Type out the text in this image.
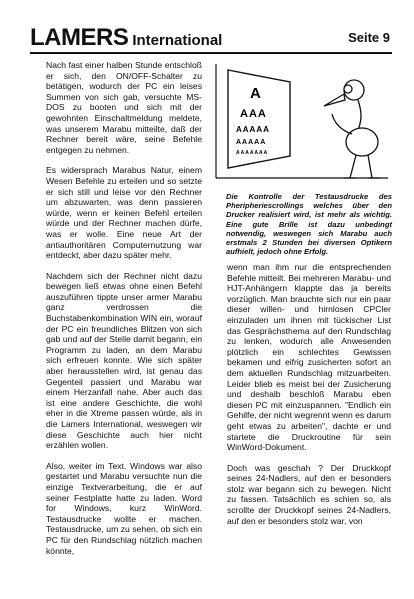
LAMERS International	Seite 9

Nach fast einer halben Stunde entschloß er sich, den ON/OFF-Schalter zu betätigen, wodurch der PC ein leises Summen von sich gab, versuchte MS-DOS zu booten und sich mit der gewohnten Einschaltmeldung meldete, was unserem Marabu mitteilte, daß der Rechner bereit wäre, seine Befehle entgegen zu nehmen.

Es widersprach Marabus Natur, einem Wesen Befehle zu erteilen und so setzte er sich still und leise vor den Rechner um abzuwarten, was denn passieren würde, wenn er keinen Befehl erteilen würde und der Rechner machen dürfe, was er wolle. Eine neue Art der antiauthoritären Computernutzung war entdeckt, aber dazu später mehr.

Nachdem sich der Rechner nicht dazu bewegen ließ etwas ohne einen Befehl auszuführen tippte unser armer Marabu ganz verdrossen die Buchstabenkombination WIN ein, worauf der PC ein freundliches Blitzen von sich gab und auf der Stelle damit begann, ein Programm zu laden, an dem Marabu sich erfreuen konnte. Wie sich später aber herausstellen wird, ist genau das Gegenteil passiert und Marabu war einem Herzanfall nahe. Aber auch das ist eine andere Geschichte, die wohl eher in die Xtreme passen würde, als in die Lamers International, weswegen wir diese Geschichte auch hier nicht erzählen wollen.

Also, weiter im Text. Windows war also gestartet und Marabu versuchte nun die einzige Textverarbeitung, die er auf seiner Festplatte hatte zu laden. Word for Windows, kurz WinWord. Testausdrucke wollte er machen. Testausdrucke, um zu sehen, ob sich ein PC für den Rundschlag nützlich machen könnte,

A
AAA
AAAAA
AAAAA
AAAAAAA
Die Kontrolle der Testausdrucke des Pheripheriescrollings welches über den Drucker realisiert wird, ist mehr als wichtig. Eine gute Brille ist dazu unbedingt notwendig, weswegen sich Marabu auch erstmals 2 Stunden bei diversen Optikern aufhielt, jedoch ohne Erfolg.

wenn man ihm nur die entsprechenden Befehle mitteilt. Bei mehreren Marabu- und HJT-Anhängern klappte das ja bereits vorzüglich. Man brauchte sich nur ein paar dieser willen- und hirnlosen CPCler einzuladen um ihnen mit tückischer List das Gesprächsthema auf den Rundschlag zu lenken, wodurch alle Anwesenden plötzlich ein schlechtes Gewissen bekamen und eifrig zusicherten sofort an dem aktuellen Rundschlag mitzuarbeiten. Leider blieb es meist bei der Zusicherung und deshalb beschloß Marabu eben diesen PC mit einzuspannen. "Endlich ein Gehilfe, der nicht wegrennt wenn es darum geht etwas zu arbeiten", dachte er und startete die Druckroutine für sein WinWord-Dokument.

Doch was geschah ? Der Druckkopf seines 24-Nadlers, auf den er besonders stolz war begann sich zu bewegen. Nicht zu fassen. Tatsächlich es schien so, als scrollte der Druckkopf seines 24-Nadlers, auf den er besonders stolz war, von
